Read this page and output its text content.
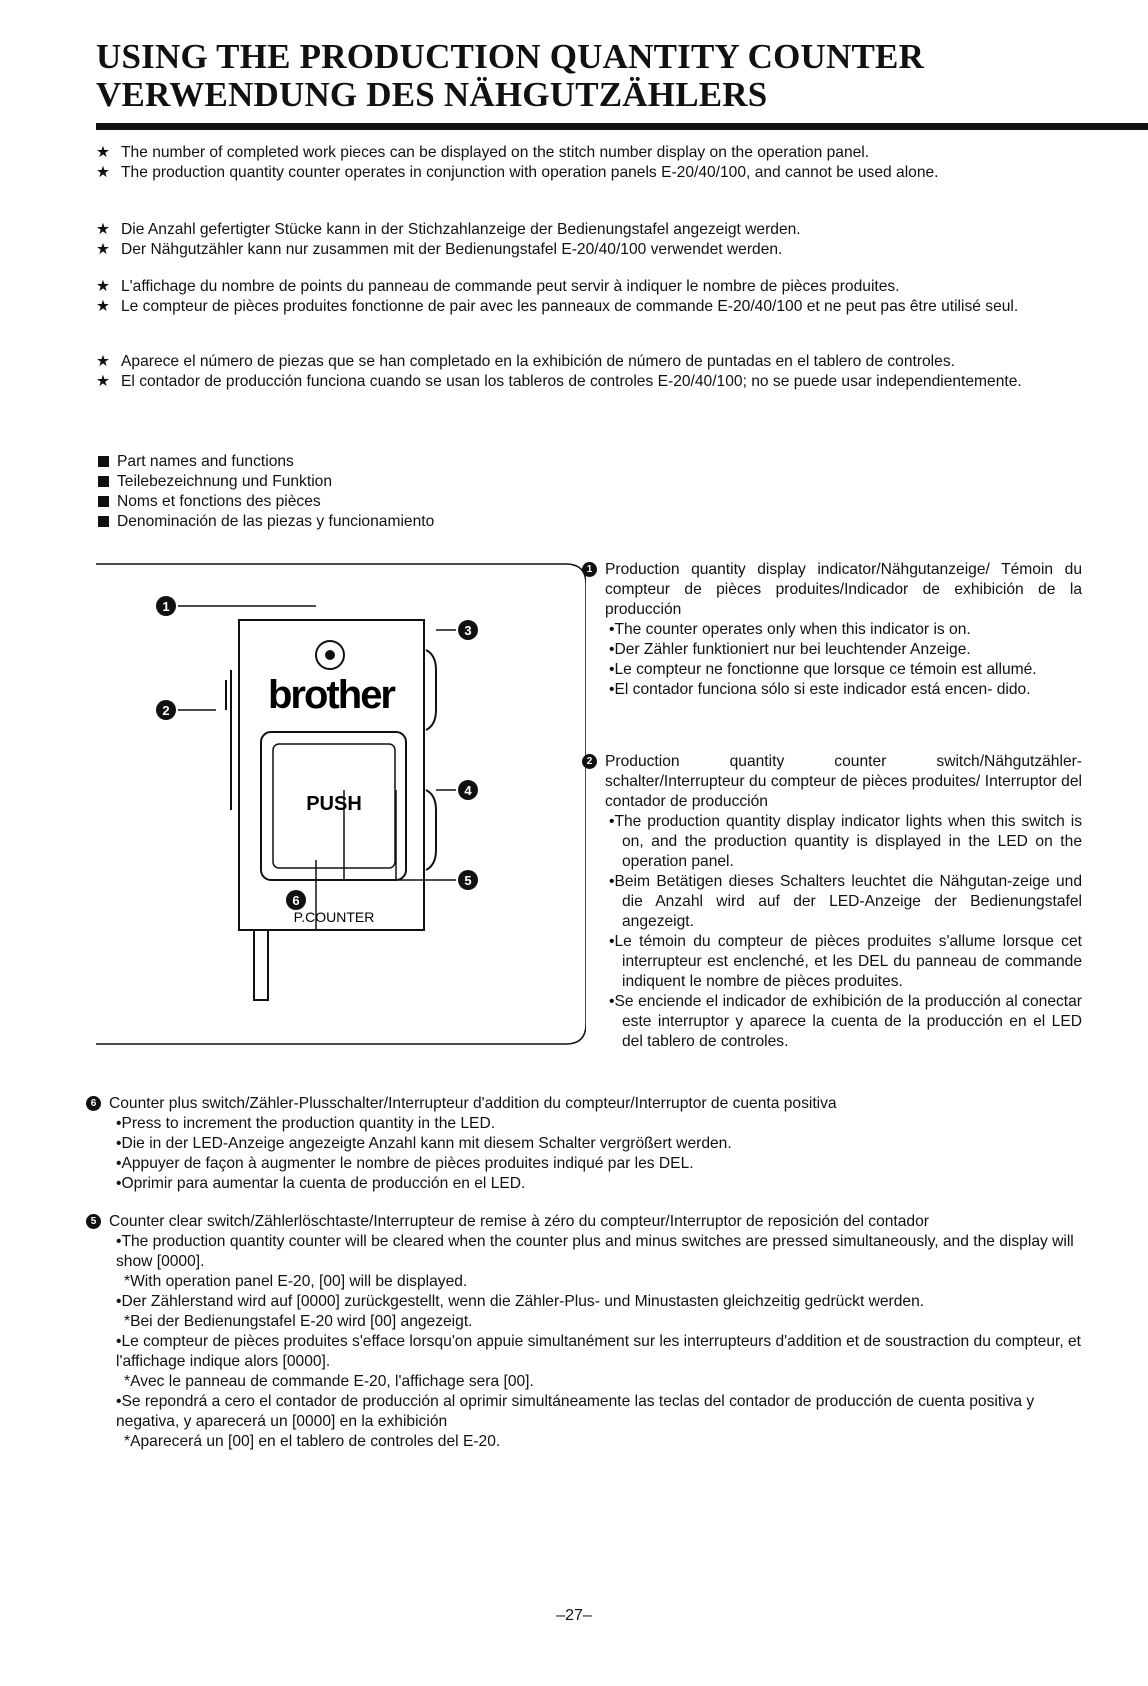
USING THE PRODUCTION QUANTITY COUNTER
VERWENDUNG DES NÄHGUTZÄHLERS
★ The number of completed work pieces can be displayed on the stitch number display on the operation panel.
★ The production quantity counter operates in conjunction with operation panels E-20/40/100, and cannot be used alone.
★ Die Anzahl gefertigter Stücke kann in der Stichzahlanzeige der Bedienungstafel angezeigt werden.
★ Der Nähgutzähler kann nur zusammen mit der Bedienungstafel E-20/40/100 verwendet werden.
★ L'affichage du nombre de points du panneau de commande peut servir à indiquer le nombre de pièces produites.
★ Le compteur de pièces produites fonctionne de pair avec les panneaux de commande E-20/40/100 et ne peut pas être utilisé seul.
★ Aparece el número de piezas que se han completado en la exhibición de número de puntadas en el tablero de controles.
★ El contador de producción funciona cuando se usan los tableros de controles E-20/40/100; no se puede usar independientemente.
Part names and functions
Teilebezeichnung und Funktion
Noms et fonctions des pièces
Denominación de las piezas y funcionamiento
brother
PUSH
P.COUNTER
1
2
3
4
5
6
1 Production quantity display indicator/Nähgutanzeige/ Témoin du compteur de pièces produites/Indicador de exhibición de la producción
•The counter operates only when this indicator is on.
•Der Zähler funktioniert nur bei leuchtender Anzeige.
•Le compteur ne fonctionne que lorsque ce témoin est allumé.
•El contador funciona sólo si este indicador está encen- dido.
2 Production quantity counter switch/Nähgutzähler-schalter/Interrupteur du compteur de pièces produites/ Interruptor del contador de producción
•The production quantity display indicator lights when this switch is on, and the production quantity is displayed in the LED on the operation panel.
•Beim Betätigen dieses Schalters leuchtet die Nähgutan-zeige und die Anzahl wird auf der LED-Anzeige der Bedienungstafel angezeigt.
•Le témoin du compteur de pièces produites s'allume lorsque cet interrupteur est enclenché, et les DEL du panneau de commande indiquent le nombre de pièces produites.
•Se enciende el indicador de exhibición de la producción al conectar este interruptor y aparece la cuenta de la producción en el LED del tablero de controles.
6 Counter plus switch/Zähler-Plusschalter/Interrupteur d'addition du compteur/Interruptor de cuenta positiva
•Press to increment the production quantity in the LED.
•Die in der LED-Anzeige angezeigte Anzahl kann mit diesem Schalter vergrößert werden.
•Appuyer de façon à augmenter le nombre de pièces produites indiqué par les DEL.
•Oprimir para aumentar la cuenta de producción en el LED.
5 Counter clear switch/Zählerlöschtaste/Interrupteur de remise à zéro du compteur/Interruptor de reposición del contador
•The production quantity counter will be cleared when the counter plus and minus switches are pressed simultaneously, and the display will show [0000].
*With operation panel E-20, [00] will be displayed.
•Der Zählerstand wird auf [0000] zurückgestellt, wenn die Zähler-Plus- und Minustasten gleichzeitig gedrückt werden.
*Bei der Bedienungstafel E-20 wird [00] angezeigt.
•Le compteur de pièces produites s'efface lorsqu'on appuie simultanément sur les interrupteurs d'addition et de soustraction du compteur, et l'affichage indique alors [0000].
*Avec le panneau de commande E-20, l'affichage sera [00].
•Se repondrá a cero el contador de producción al oprimir simultáneamente las teclas del contador de producción de cuenta positiva y negativa, y aparecerá un [0000] en la exhibición
*Aparecerá un [00] en el tablero de controles del E-20.
–27–
